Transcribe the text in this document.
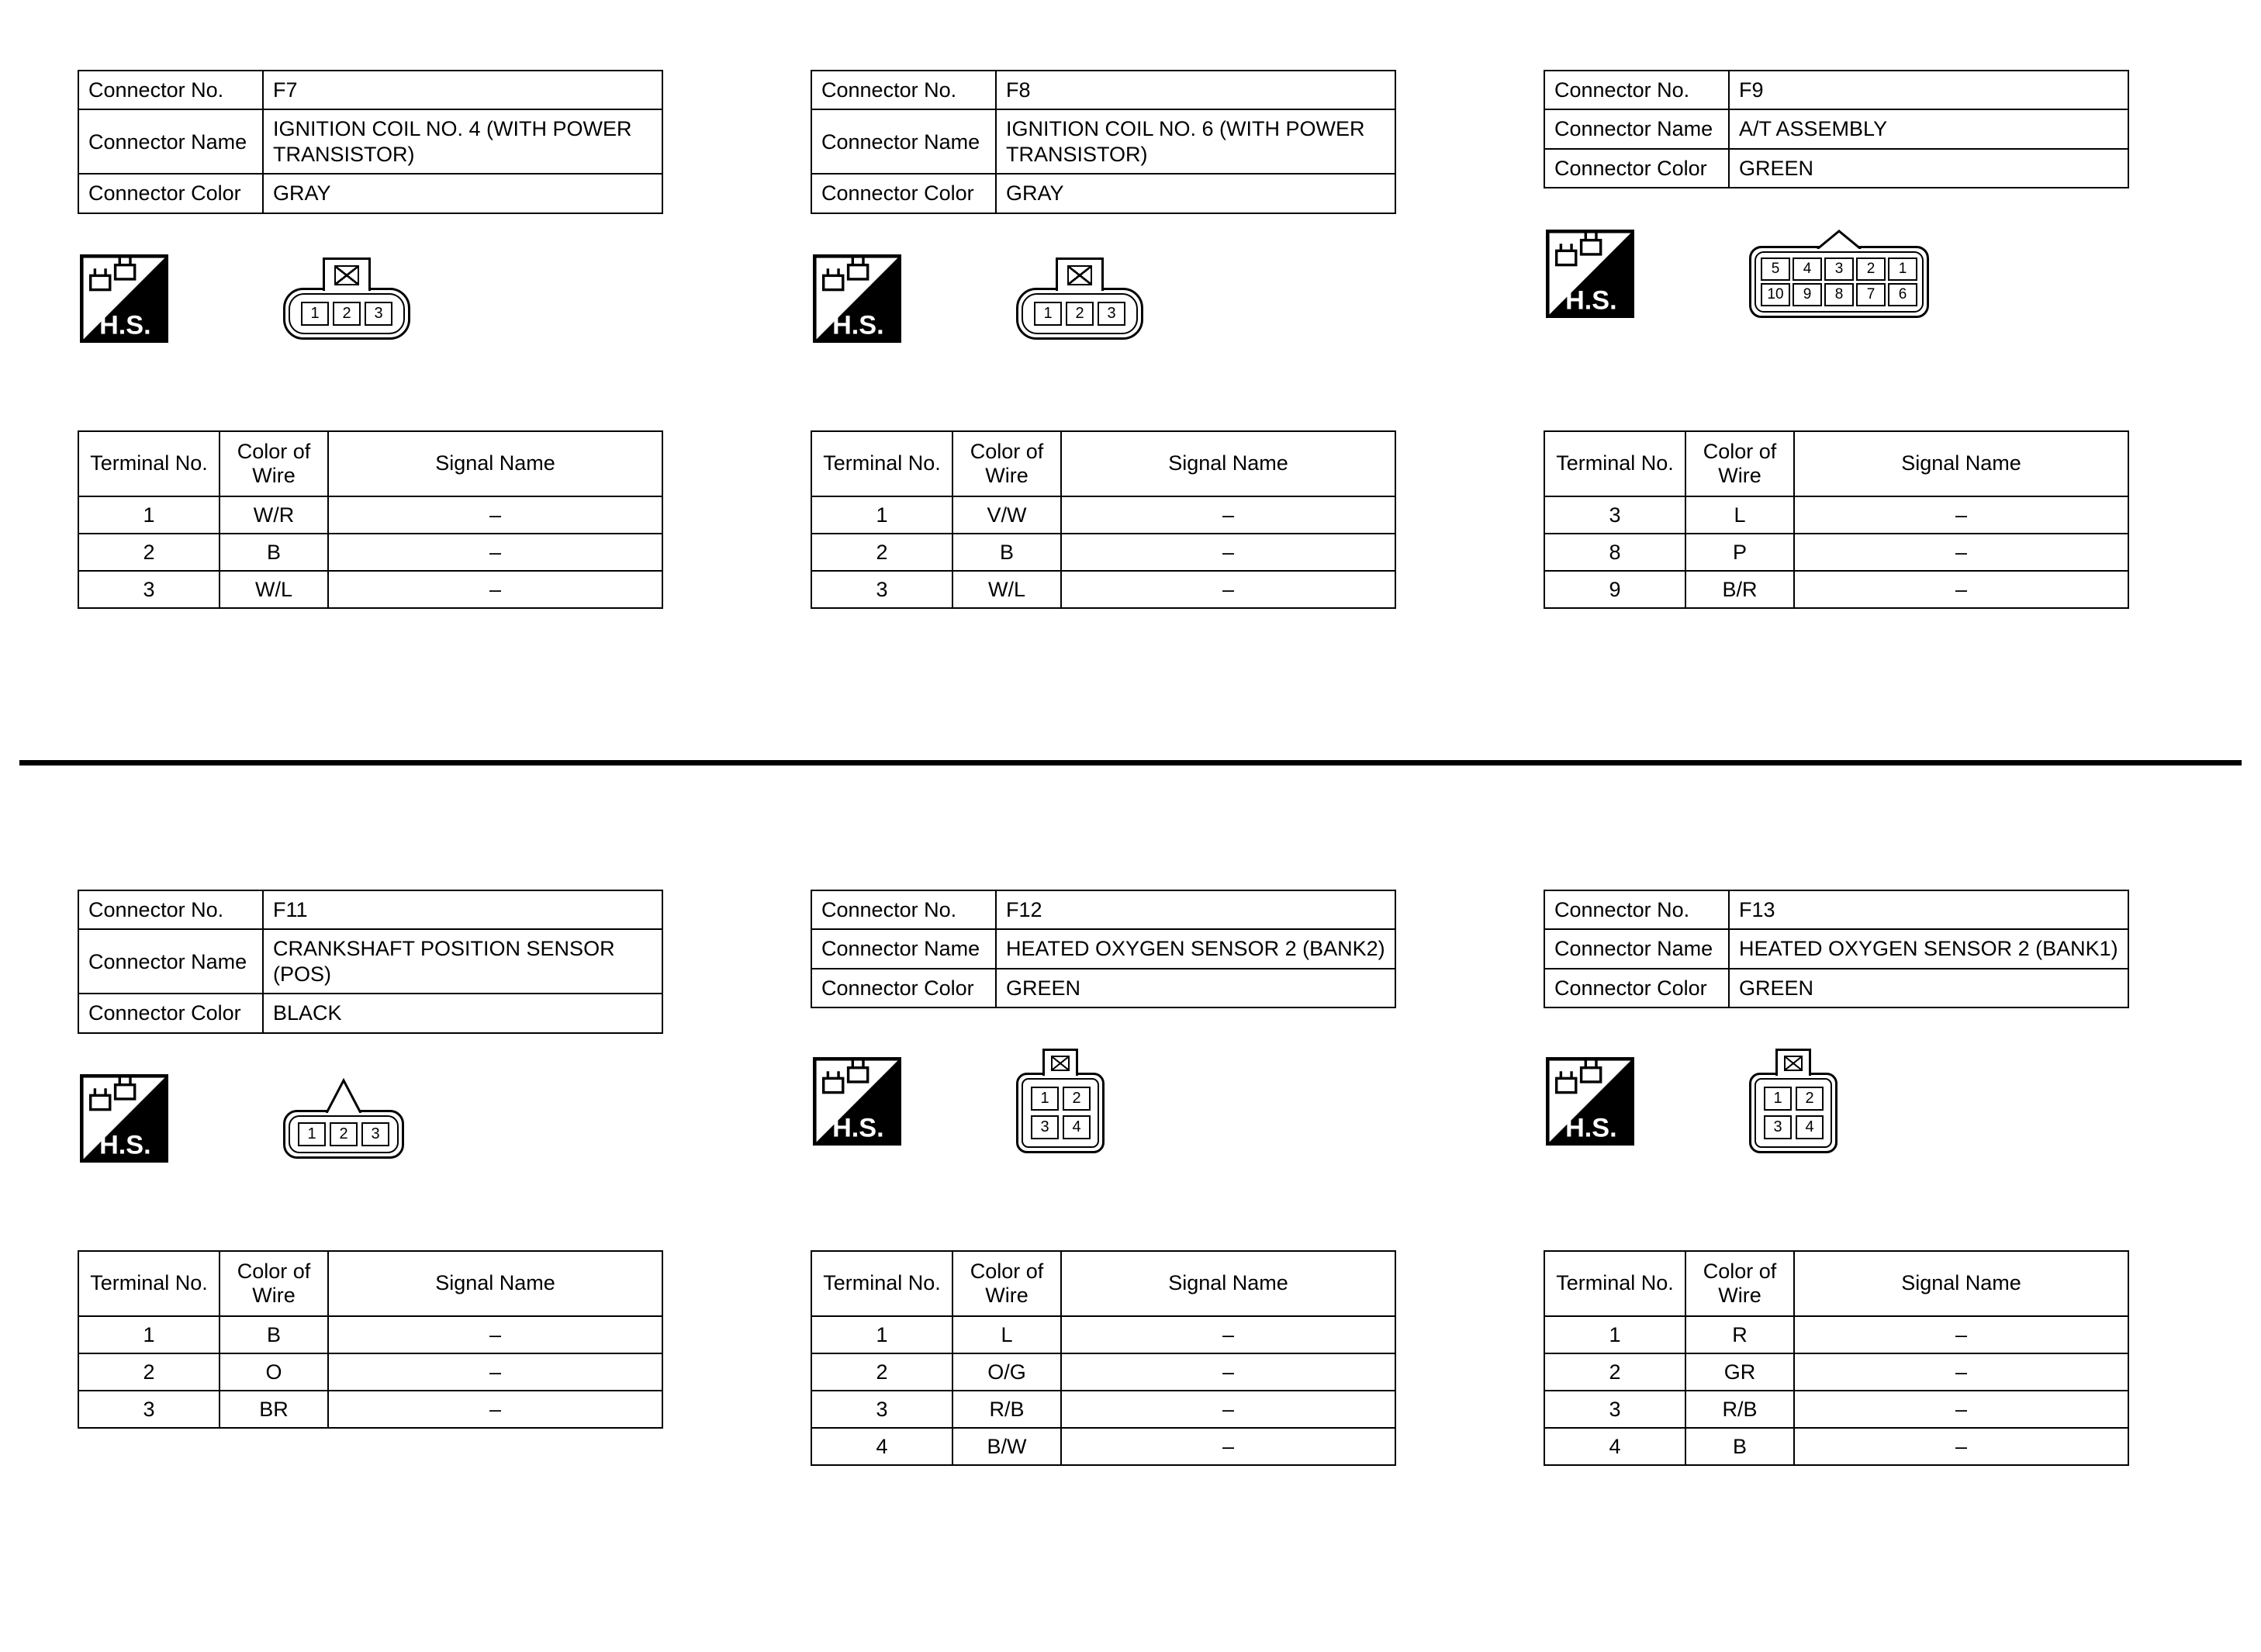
Connector No.	F7
Connector Name	IGNITION COIL NO. 4 (WITH POWER TRANSISTOR)
Connector Color	GRAY
H.S.	1	2	3
Terminal No.	Color of Wire	Signal Name
1	W/R	–
2	B	–
3	W/L	–
Connector No.	F8
Connector Name	IGNITION COIL NO. 6 (WITH POWER TRANSISTOR)
Connector Color	GRAY
H.S.	1	2	3
Terminal No.	Color of Wire	Signal Name
1	V/W	–
2	B	–
3	W/L	–
Connector No.	F9
Connector Name	A/T ASSEMBLY
Connector Color	GREEN
H.S.
5	4	3	2	1
10	9	8	7	6
Terminal No.	Color of Wire	Signal Name
3	L	–
8	P	–
9	B/R	–
Connector No.	F11
Connector Name	CRANKSHAFT POSITION SENSOR (POS)
Connector Color	BLACK
H.S.	1	2	3
Terminal No.	Color of Wire	Signal Name
1	B	–
2	O	–
3	BR	–
Connector No.	F12
Connector Name	HEATED OXYGEN SENSOR 2 (BANK2)
Connector Color	GREEN
H.S.
1	2
3	4
Terminal No.	Color of Wire	Signal Name
1	L	–
2	O/G	–
3	R/B	–
4	B/W	–
Connector No.	F13
Connector Name	HEATED OXYGEN SENSOR 2 (BANK1)
Connector Color	GREEN
H.S.
1	2
3	4
Terminal No.	Color of Wire	Signal Name
1	R	–
2	GR	–
3	R/B	–
4	B	–
